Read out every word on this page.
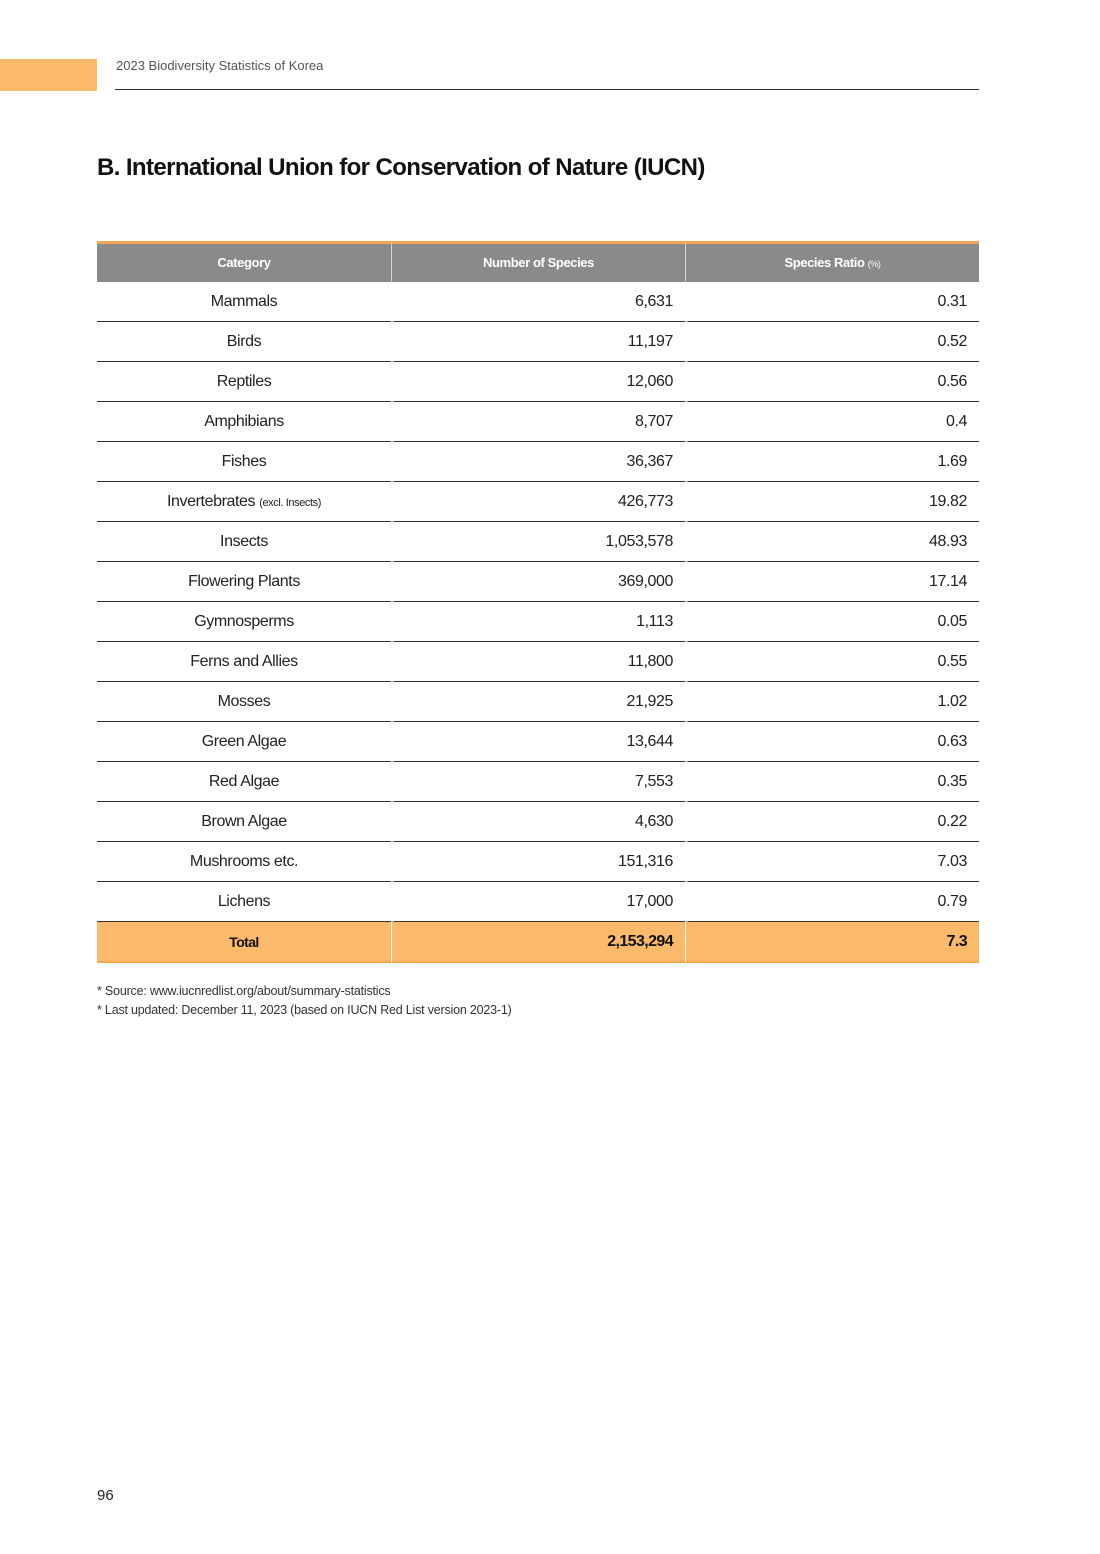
2023 Biodiversity Statistics of Korea
B. International Union for Conservation of Nature (IUCN)
Category	Number of Species	Species Ratio (%)
Mammals	6,631	0.31
Birds	11,197	0.52
Reptiles	12,060	0.56
Amphibians	8,707	0.4
Fishes	36,367	1.69
Invertebrates (excl. Insects)	426,773	19.82
Insects	1,053,578	48.93
Flowering Plants	369,000	17.14
Gymnosperms	1,113	0.05
Ferns and Allies	11,800	0.55
Mosses	21,925	1.02
Green Algae	13,644	0.63
Red Algae	7,553	0.35
Brown Algae	4,630	0.22
Mushrooms etc.	151,316	7.03
Lichens	17,000	0.79
Total	2,153,294	7.3

* Source: www.iucnredlist.org/about/summary-statistics

* Last updated: December 11, 2023 (based on IUCN Red List version 2023-1)

96
